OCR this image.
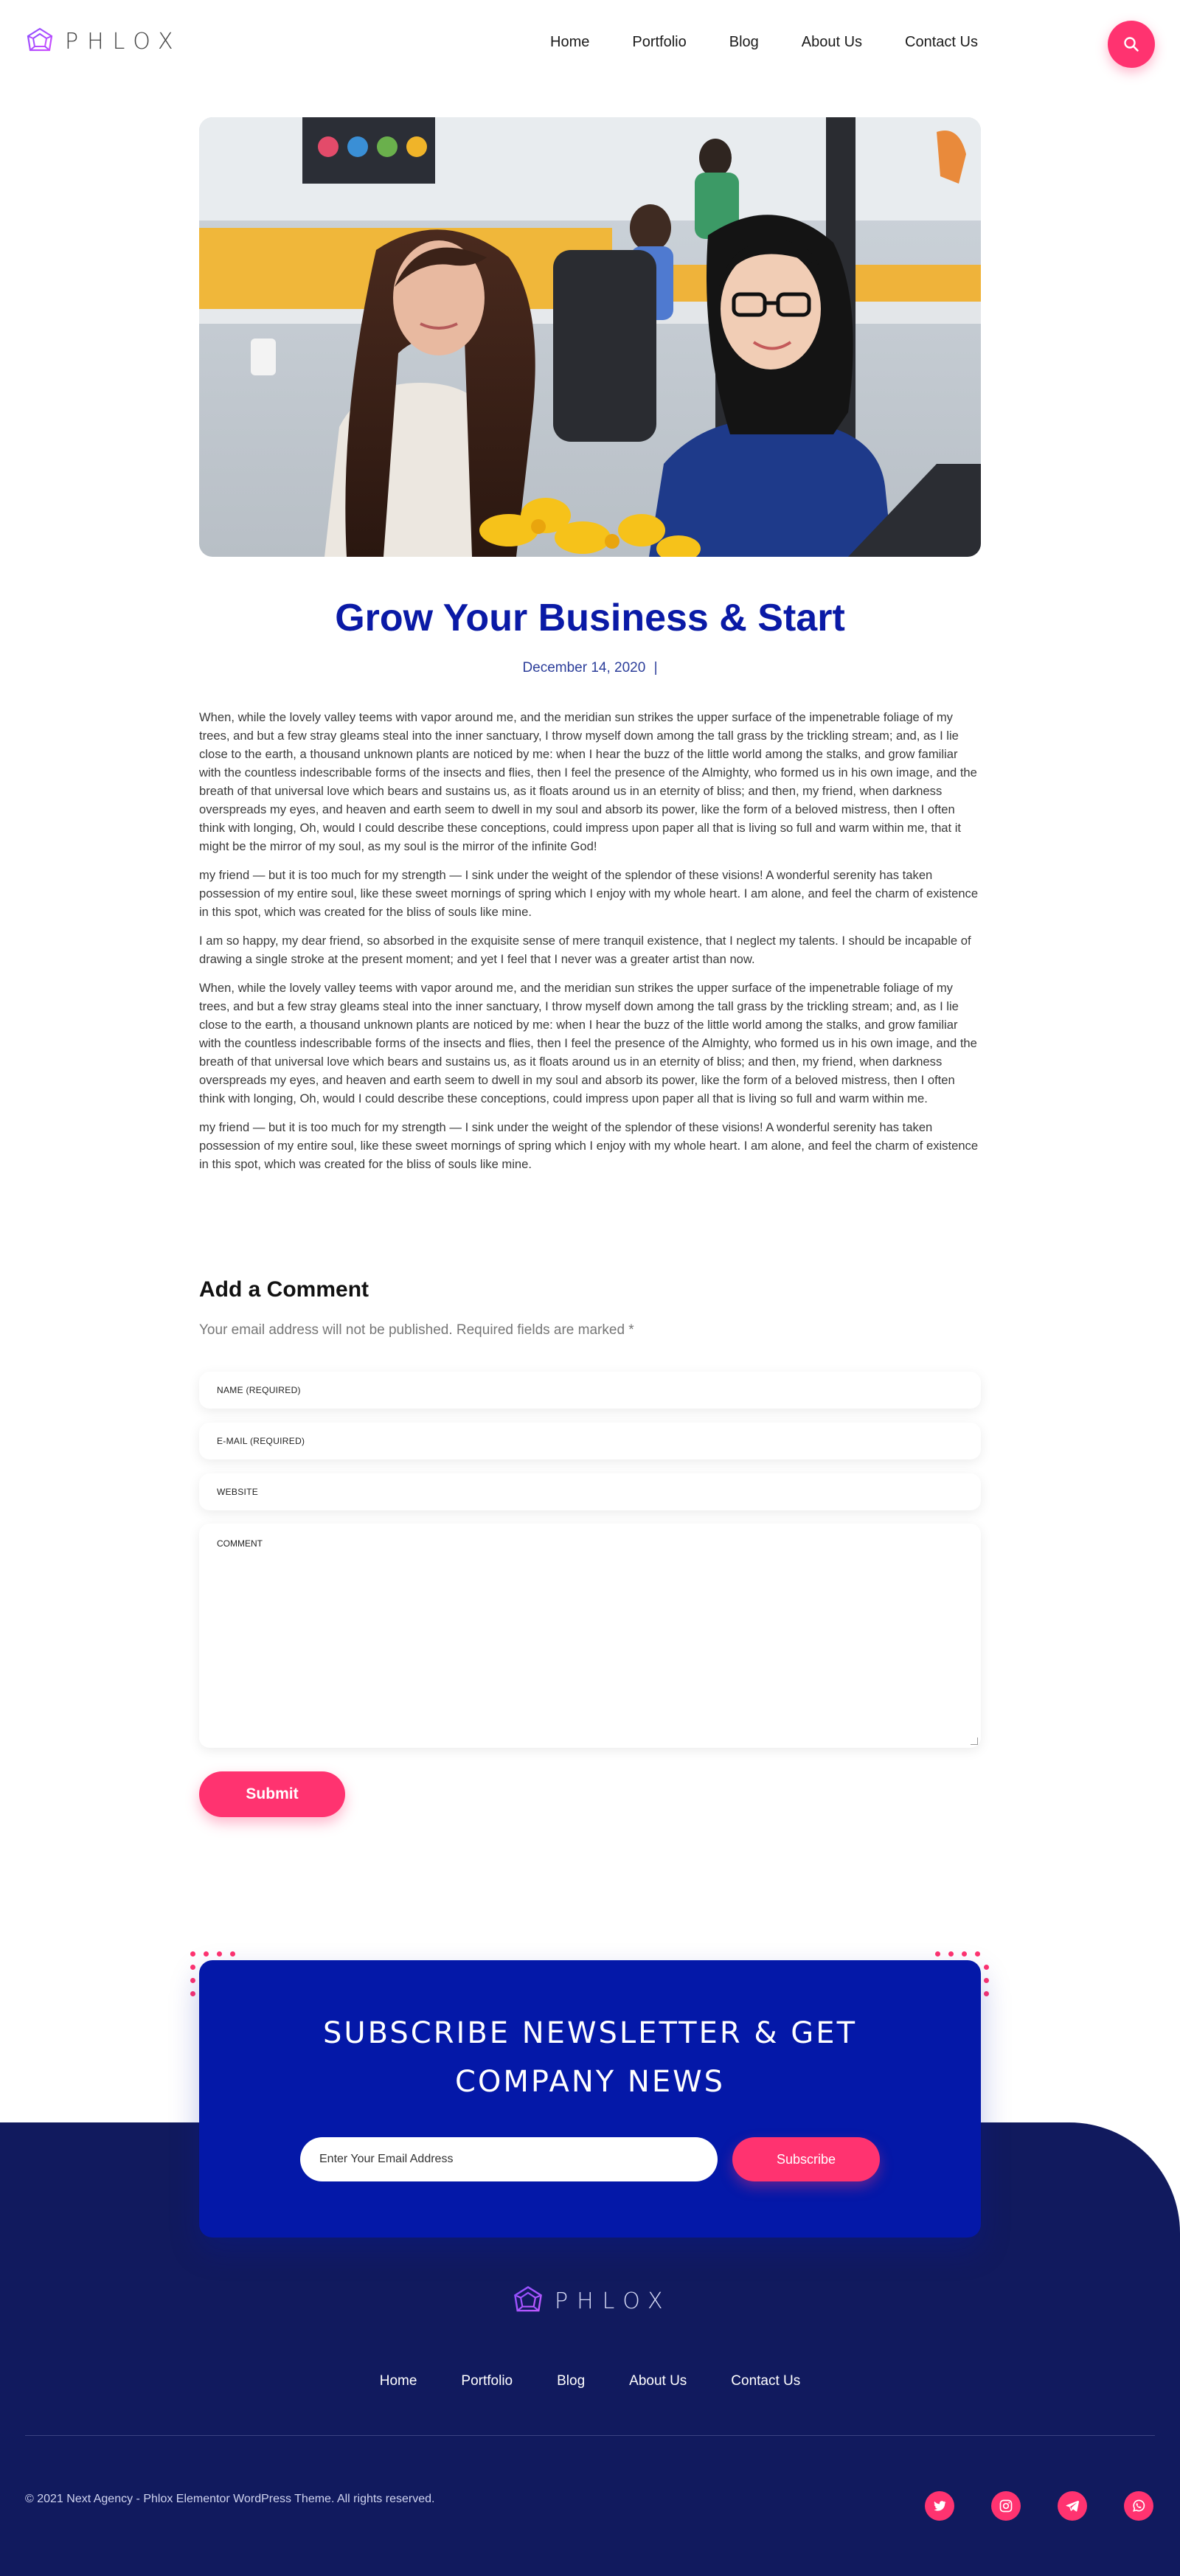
PHLOX	Home	Portfolio	Blog	About Us	Contact Us
Grow Your Business & Start
December 14, 2020 |

When, while the lovely valley teems with vapor around me, and the meridian sun strikes the upper surface of the impenetrable foliage of my trees, and but a few stray gleams steal into the inner sanctuary, I throw myself down among the tall grass by the trickling stream; and, as I lie close to the earth, a thousand unknown plants are noticed by me: when I hear the buzz of the little world among the stalks, and grow familiar with the countless indescribable forms of the insects and flies, then I feel the presence of the Almighty, who formed us in his own image, and the breath of that universal love which bears and sustains us, as it floats around us in an eternity of bliss; and then, my friend, when darkness overspreads my eyes, and heaven and earth seem to dwell in my soul and absorb its power, like the form of a beloved mistress, then I often think with longing, Oh, would I could describe these conceptions, could impress upon paper all that is living so full and warm within me, that it might be the mirror of my soul, as my soul is the mirror of the infinite God!

my friend — but it is too much for my strength — I sink under the weight of the splendor of these visions! A wonderful serenity has taken possession of my entire soul, like these sweet mornings of spring which I enjoy with my whole heart. I am alone, and feel the charm of existence in this spot, which was created for the bliss of souls like mine.

I am so happy, my dear friend, so absorbed in the exquisite sense of mere tranquil existence, that I neglect my talents. I should be incapable of drawing a single stroke at the present moment; and yet I feel that I never was a greater artist than now.

When, while the lovely valley teems with vapor around me, and the meridian sun strikes the upper surface of the impenetrable foliage of my trees, and but a few stray gleams steal into the inner sanctuary, I throw myself down among the tall grass by the trickling stream; and, as I lie close to the earth, a thousand unknown plants are noticed by me: when I hear the buzz of the little world among the stalks, and grow familiar with the countless indescribable forms of the insects and flies, then I feel the presence of the Almighty, who formed us in his own image, and the breath of that universal love which bears and sustains us, as it floats around us in an eternity of bliss; and then, my friend, when darkness overspreads my eyes, and heaven and earth seem to dwell in my soul and absorb its power, like the form of a beloved mistress, then I often think with longing, Oh, would I could describe these conceptions, could impress upon paper all that is living so full and warm within me.

my friend — but it is too much for my strength — I sink under the weight of the splendor of these visions! A wonderful serenity has taken possession of my entire soul, like these sweet mornings of spring which I enjoy with my whole heart. I am alone, and feel the charm of existence in this spot, which was created for the bliss of souls like mine.

Add a Comment
Your email address will not be published. Required fields are marked *
NAME (REQUIRED)
E-MAIL (REQUIRED)
WEBSITE
COMMENT
Submit
SUBSCRIBE NEWSLETTER & GET
COMPANY NEWS
Enter Your Email Address	Subscribe
PHLOX
Home	Portfolio	Blog	About Us	Contact Us
© 2021 Next Agency - Phlox Elementor WordPress Theme. All rights reserved.
